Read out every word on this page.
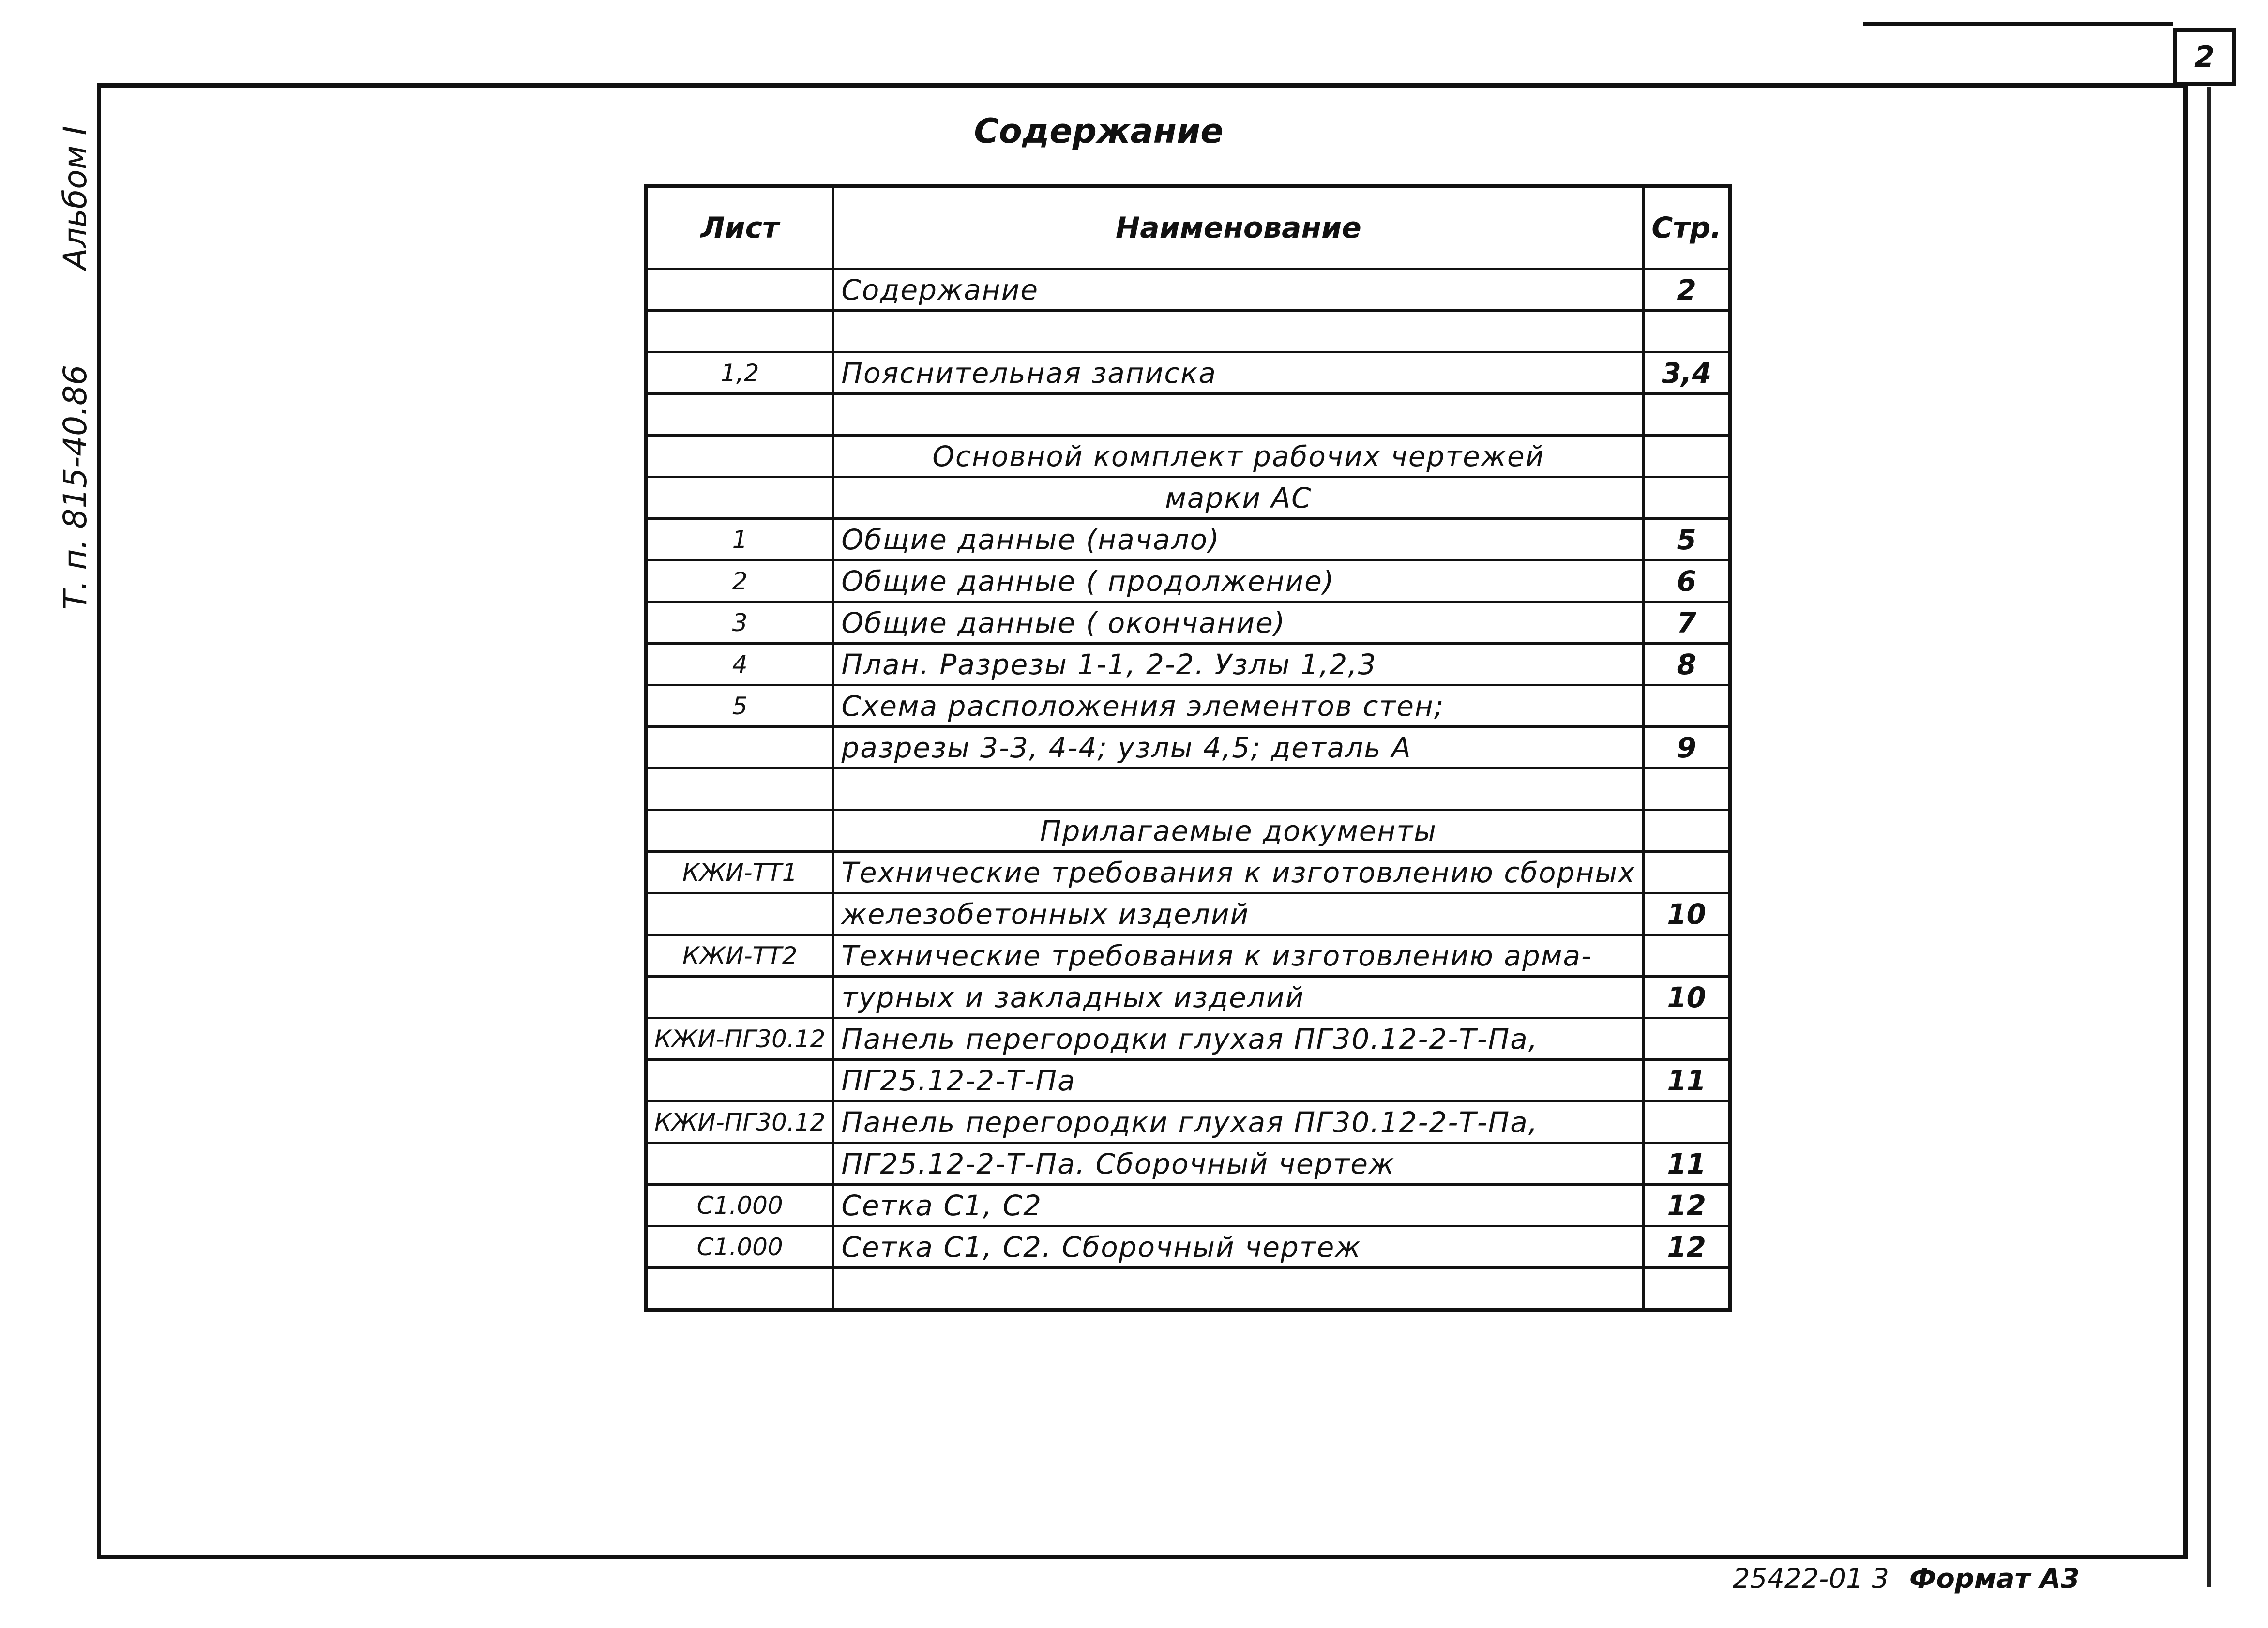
2
Т. п. 815-40.86
Альбом I	Содержание
Лист	Наименование	Стр.
	Содержание	2

1,2	Пояснительная записка	3,4

	Основной комплект рабочих чертежей	
	марки АС	
1	Общие данные (начало)	5
2	Общие данные ( продолжение)	6
3	Общие данные ( окончание)	7
4	План. Разрезы 1-1, 2-2. Узлы 1,2,3	8
5	Схема расположения элементов стен;	
	разрезы 3-3, 4-4; узлы 4,5; деталь А	9

	Прилагаемые документы	
КЖИ-ТТ1	Технические требования к изготовлению сборных	
	железобетонных изделий	10
КЖИ-ТТ2	Технические требования к изготовлению арма-	
	турных и закладных изделий	10
КЖИ-ПГ30.12	Панель перегородки глухая ПГ30.12-2-Т-Па,	
	ПГ25.12-2-Т-Па	11
КЖИ-ПГ30.12	Панель перегородки глухая ПГ30.12-2-Т-Па,	
	ПГ25.12-2-Т-Па. Сборочный чертеж	11
С1.000	Сетка С1, С2	12
С1.000	Сетка С1, С2. Сборочный чертеж	12

25422-01 3 Формат А3
